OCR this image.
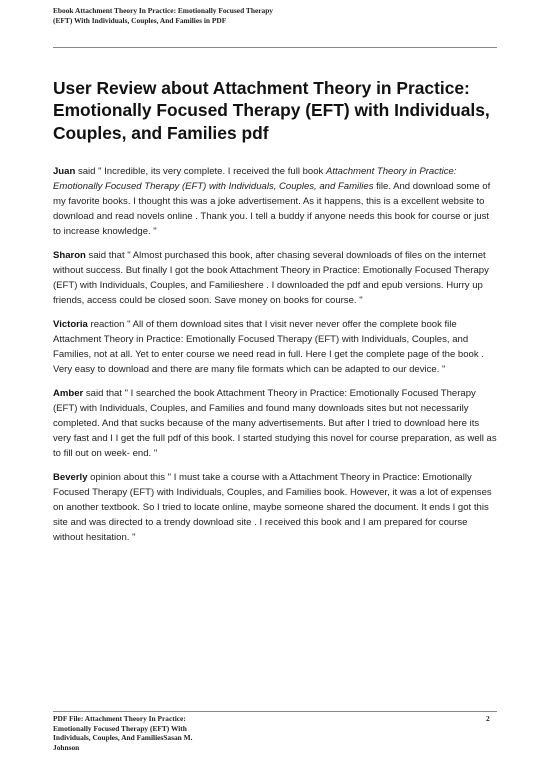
Ebook Attachment Theory In Practice: Emotionally Focused Therapy
(EFT) With Individuals, Couples, And Families in PDF
User Review about Attachment Theory in Practice: Emotionally Focused Therapy (EFT) with Individuals, Couples, and Families pdf

Juan said " Incredible, its very complete. I received the full book Attachment Theory in Practice: Emotionally Focused Therapy (EFT) with Individuals, Couples, and Families file. And download some of my favorite books. I thought this was a joke advertisement. As it happens, this is a excellent website to download and read novels online . Thank you. I tell a buddy if anyone needs this book for course or just to increase knowledge. "

Sharon said that " Almost purchased this book, after chasing several downloads of files on the internet without success. But finally I got the book Attachment Theory in Practice: Emotionally Focused Therapy (EFT) with Individuals, Couples, and Familieshere . I downloaded the pdf and epub versions. Hurry up friends, access could be closed soon. Save money on books for course. "

Victoria reaction " All of them download sites that I visit never never offer the complete book file Attachment Theory in Practice: Emotionally Focused Therapy (EFT) with Individuals, Couples, and Families, not at all. Yet to enter course we need read in full. Here I get the complete page of the book . Very easy to download and there are many file formats which can be adapted to our device. "

Amber said that " I searched the book Attachment Theory in Practice: Emotionally Focused Therapy (EFT) with Individuals, Couples, and Families and found many downloads sites but not necessarily completed. And that sucks because of the many advertisements. But after I tried to download here its very fast and I I get the full pdf of this book. I started studying this novel for course preparation, as well as to fill out on week- end. "

Beverly opinion about this " I must take a course with a Attachment Theory in Practice: Emotionally Focused Therapy (EFT) with Individuals, Couples, and Families book. However, it was a lot of expenses on another textbook. So I tried to locate online, maybe someone shared the document. It ends I got this site and was directed to a trendy download site . I received this book and I am prepared for course without hesitation. "

PDF File: Attachment Theory In Practice:
Emotionally Focused Therapy (EFT) With
Individuals, Couples, And FamiliesSasan M.
Johnson
2
